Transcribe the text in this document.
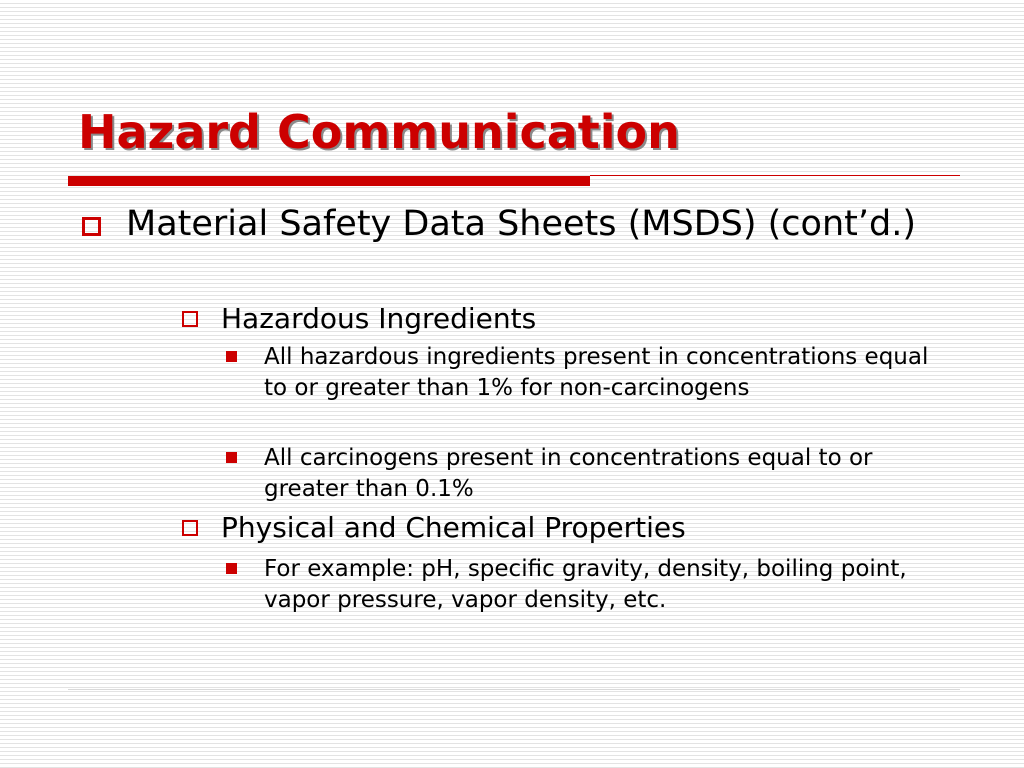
Hazard Communication
Material Safety Data Sheets (MSDS) (cont’d.)
Hazardous Ingredients
All hazardous ingredients present in concentrations equal to or greater than 1% for non-carcinogens
All carcinogens present in concentrations equal to or greater than 0.1%
Physical and Chemical Properties
For example: pH, specific gravity, density, boiling point, vapor pressure, vapor density, etc.
